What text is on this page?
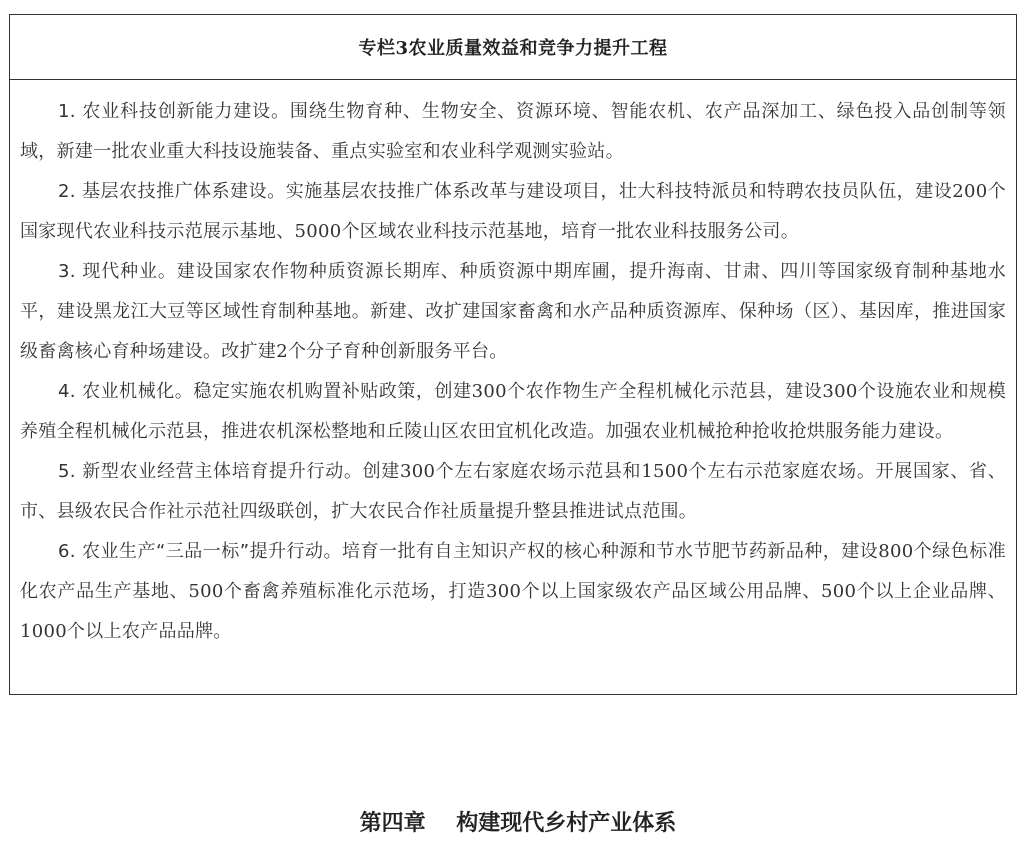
专栏3农业质量效益和竞争力提升工程

1. 农业科技创新能力建设。围绕生物育种、生物安全、资源环境、智能农机、农产品深加工、绿色投入品创制等领域，新建一批农业重大科技设施装备、重点实验室和农业科学观测实验站。

2. 基层农技推广体系建设。实施基层农技推广体系改革与建设项目，壮大科技特派员和特聘农技员队伍，建设200个国家现代农业科技示范展示基地、5000个区域农业科技示范基地，培育一批农业科技服务公司。

3. 现代种业。建设国家农作物种质资源长期库、种质资源中期库圃，提升海南、甘肃、四川等国家级育制种基地水平，建设黑龙江大豆等区域性育制种基地。新建、改扩建国家畜禽和水产品种质资源库、保种场（区）、基因库，推进国家级畜禽核心育种场建设。改扩建2个分子育种创新服务平台。

4. 农业机械化。稳定实施农机购置补贴政策，创建300个农作物生产全程机械化示范县，建设300个设施农业和规模养殖全程机械化示范县，推进农机深松整地和丘陵山区农田宜机化改造。加强农业机械抢种抢收抢烘服务能力建设。

5. 新型农业经营主体培育提升行动。创建300个左右家庭农场示范县和1500个左右示范家庭农场。开展国家、省、市、县级农民合作社示范社四级联创，扩大农民合作社质量提升整县推进试点范围。

6. 农业生产“三品一标”提升行动。培育一批有自主知识产权的核心种源和节水节肥节药新品种，建设800个绿色标准化农产品生产基地、500个畜禽养殖标准化示范场，打造300个以上国家级农产品区域公用品牌、500个以上企业品牌、1000个以上农产品品牌。

第四章    构建现代乡村产业体系
